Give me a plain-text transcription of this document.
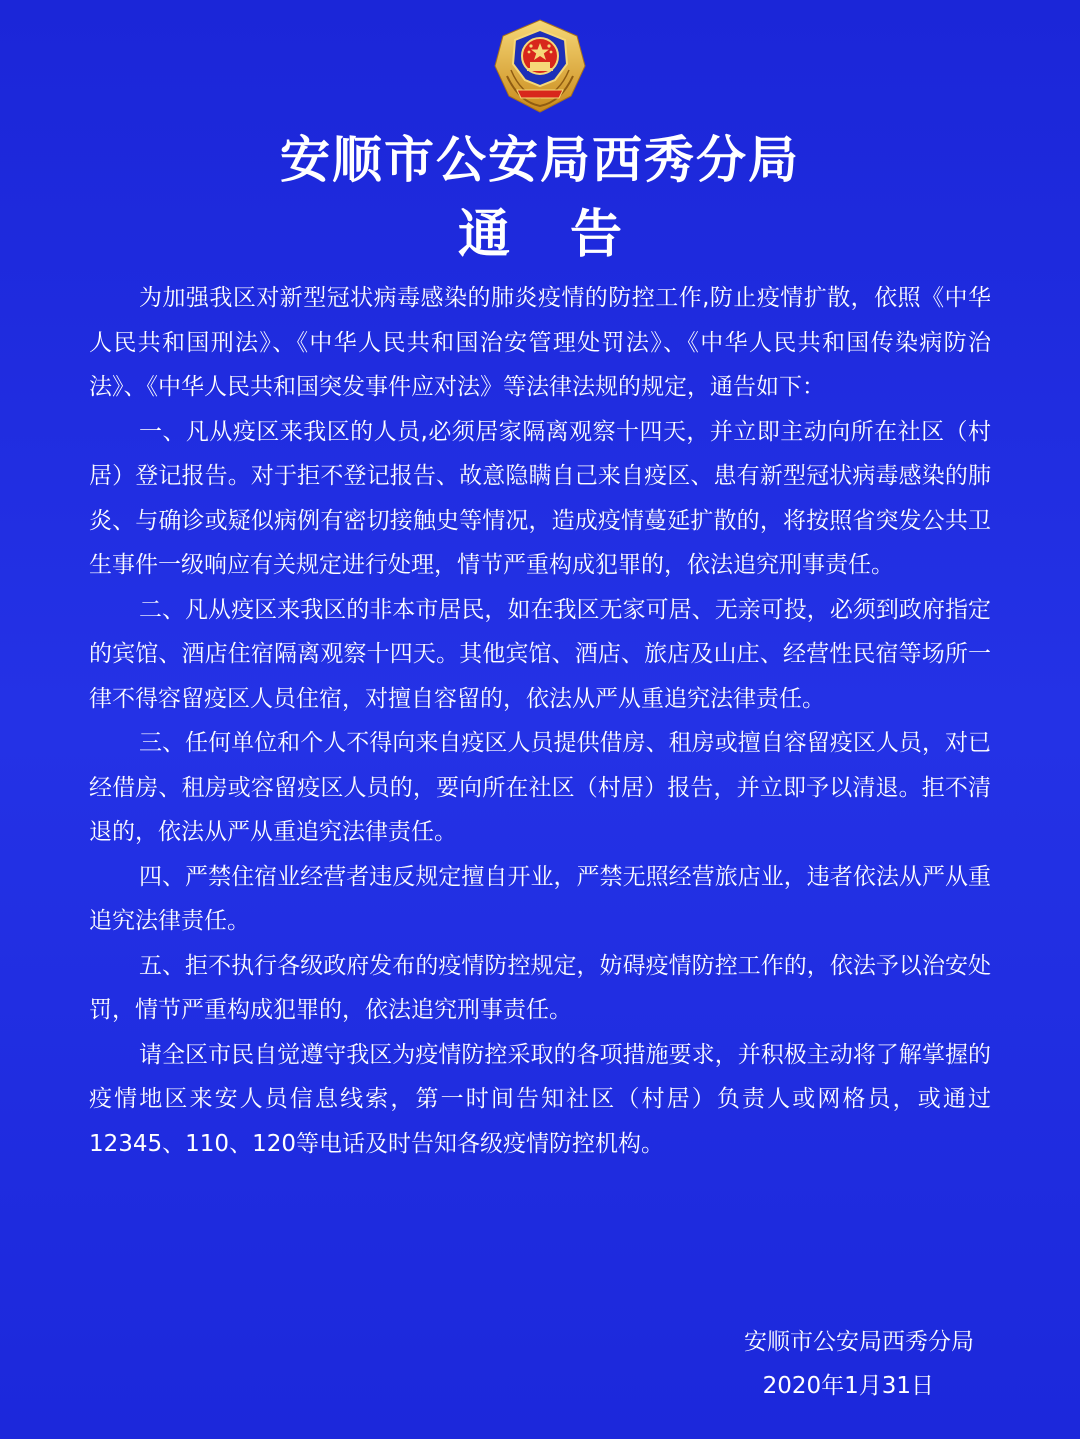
安顺市公安局西秀分局
通告

为加强我区对新型冠状病毒感染的肺炎疫情的防控工作,防止疫情扩散，依照《中华人民共和国刑法》、《中华人民共和国治安管理处罚法》、《中华人民共和国传染病防治法》、《中华人民共和国突发事件应对法》等法律法规的规定，通告如下：

一、凡从疫区来我区的人员,必须居家隔离观察十四天，并立即主动向所在社区（村居）登记报告。对于拒不登记报告、故意隐瞒自己来自疫区、患有新型冠状病毒感染的肺炎、与确诊或疑似病例有密切接触史等情况，造成疫情蔓延扩散的，将按照省突发公共卫生事件一级响应有关规定进行处理，情节严重构成犯罪的，依法追究刑事责任。

二、凡从疫区来我区的非本市居民，如在我区无家可居、无亲可投，必须到政府指定的宾馆、酒店住宿隔离观察十四天。其他宾馆、酒店、旅店及山庄、经营性民宿等场所一律不得容留疫区人员住宿，对擅自容留的，依法从严从重追究法律责任。

三、任何单位和个人不得向来自疫区人员提供借房、租房或擅自容留疫区人员，对已经借房、租房或容留疫区人员的，要向所在社区（村居）报告，并立即予以清退。拒不清退的，依法从严从重追究法律责任。

四、严禁住宿业经营者违反规定擅自开业，严禁无照经营旅店业，违者依法从严从重追究法律责任。

五、拒不执行各级政府发布的疫情防控规定，妨碍疫情防控工作的，依法予以治安处罚，情节严重构成犯罪的，依法追究刑事责任。

请全区市民自觉遵守我区为疫情防控采取的各项措施要求，并积极主动将了解掌握的疫情地区来安人员信息线索，第一时间告知社区（村居）负责人或网格员，或通过12345、110、120等电话及时告知各级疫情防控机构。

安顺市公安局西秀分局
2020年1月31日
